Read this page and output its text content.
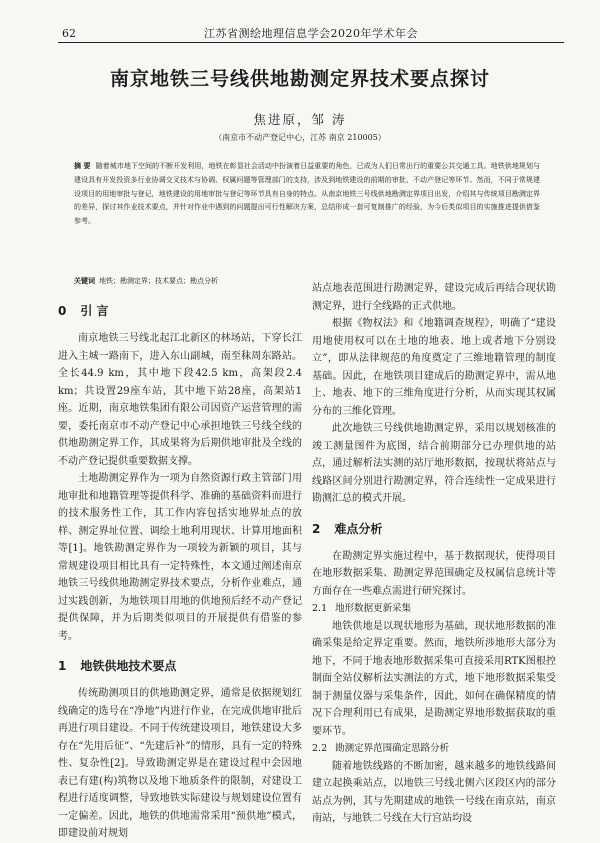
62	江苏省测绘地理信息学会2020年学术年会
南京地铁三号线供地勘测定界技术要点探讨
焦进原，邹 涛
（南京市不动产登记中心，江苏 南京 210005）
摘 要 随着城市地下空间的不断开发利用，地铁在彰显社会活动中扮演着日益重要的角色，已成为人们日常出行的重要公共交通工具。地铁供地规划与建设具有开发投资多行业协调交叉技术与协调、权属问题等管理部门的支持，涉及到地铁建设的前期的审批、不动产登记等环节。然而，不同于常规建设项目的用地审批与登记，地铁建设的用地审批与登记等环节具有自身的特点。从南京地铁三号线供地勘测定界项目出发，介绍其与传统项目勘测定界的差异，探讨其作业技术要点，并针对作业中遇到的问题提出可行性解决方案，总结形成一套可复制推广的经验，为今后类似项目的实施推进提供借鉴参考。
关键词 地铁；勘测定界；技术要点；勘点分析
0 引 言

南京地铁三号线北起江北新区的林场站，下穿长江进入主城一路南下，进入东山副城，南至秣周东路站。全长44.9 km，其中地下段42.5 km，高架段2.4 km；共设置29座车站，其中地下站28座，高架站1座。近期，南京地铁集团有限公司因资产运营管理的需要，委托南京市不动产登记中心承担地铁三号线全线的供地勘测定界工作，其成果将为后期供地审批及全线的不动产登记提供重要数据支撑。

土地勘测定界作为一项为自然资源行政主管部门用地审批和地籍管理等提供科学、准确的基础资料而进行的技术服务性工作，其工作内容包括实地界址点的放样、测定界址位置、调绘土地利用现状、计算用地面积等[1]。地铁勘测定界作为一项较为新颖的项目，其与常规建设项目相比具有一定特殊性，本文通过阐述南京地铁三号线供地勘测定界技术要点，分析作业难点，通过实践创新，为地铁项目用地的供地预后经不动产登记提供保障，并为后期类似项目的开展提供有借鉴的参考。

1 地铁供地技术要点

传统勘测项目的供地勘测定界，通常是依据规划红线确定的选号在“净地”内进行作业，在完成供地审批后再进行项目建设。不同于传统建设项目，地铁建设大多存在“先用后征”、“先建后补”的情形，具有一定的特殊性、复杂性[2]。导致勘测定界是在建设过程中会因地表已有建(构)筑物以及地下地质条件的限制，对建设工程进行适度调整，导致地铁实际建设与规划建设位置有一定偏差。因此，地铁的供地需常采用“预供地”模式，即建设前对规划

站点地表范围进行勘测定界，建设完成后再结合现状勘测定界，进行全线路的正式供地。

根据《物权法》和《地籍调查规程》，明确了“建设用地使用权可以在土地的地表、地上或者地下分别设立”，即从法律规范的角度奠定了三维地籍管理的制度基础。因此，在地铁项目建成后的勘测定界中，需从地上、地表、地下的三维角度进行分析，从而实现其权属分布的三维化管理。

此次地铁三号线供地勘测定界，采用以规划核准的竣工测量图件为底图，结合前期部分已办理供地的站点，通过解析法实测的站厅地形数据，按现状将站点与线路区间分别进行勘测定界，符合连续性一定成果进行勘测汇总的模式开展。

2 难点分析

在勘测定界实施过程中，基于数据现状，使得项目在地形数据采集、勘测定界范围确定及权属信息统计等方面存在一些难点需进行研究探讨。

2.1 地形数据更新采集

地铁供地是以现状地形为基础，现状地形数据的准确采集是给定界定重要。然而，地铁所涉地形大部分为地下，不同于地表地形数据采集可直接采用RTK图根控制面全站仪解析法实测法的方式，地下地形数据采集受制于测量仪器与采集条件，因此，如何在确保精度的情况下合理利用已有成果，是勘测定界地形数据获取的重要环节。

2.2 勘测定界范围确定思路分析

随着地铁线路的不断加密，越来越多的地铁线路间建立起换乘站点，以地铁三号线北侧六区段区内的部分站点为例，其与先期建成的地铁一号线在南京站，南京南站，与地铁二号线在大行宫站均设
